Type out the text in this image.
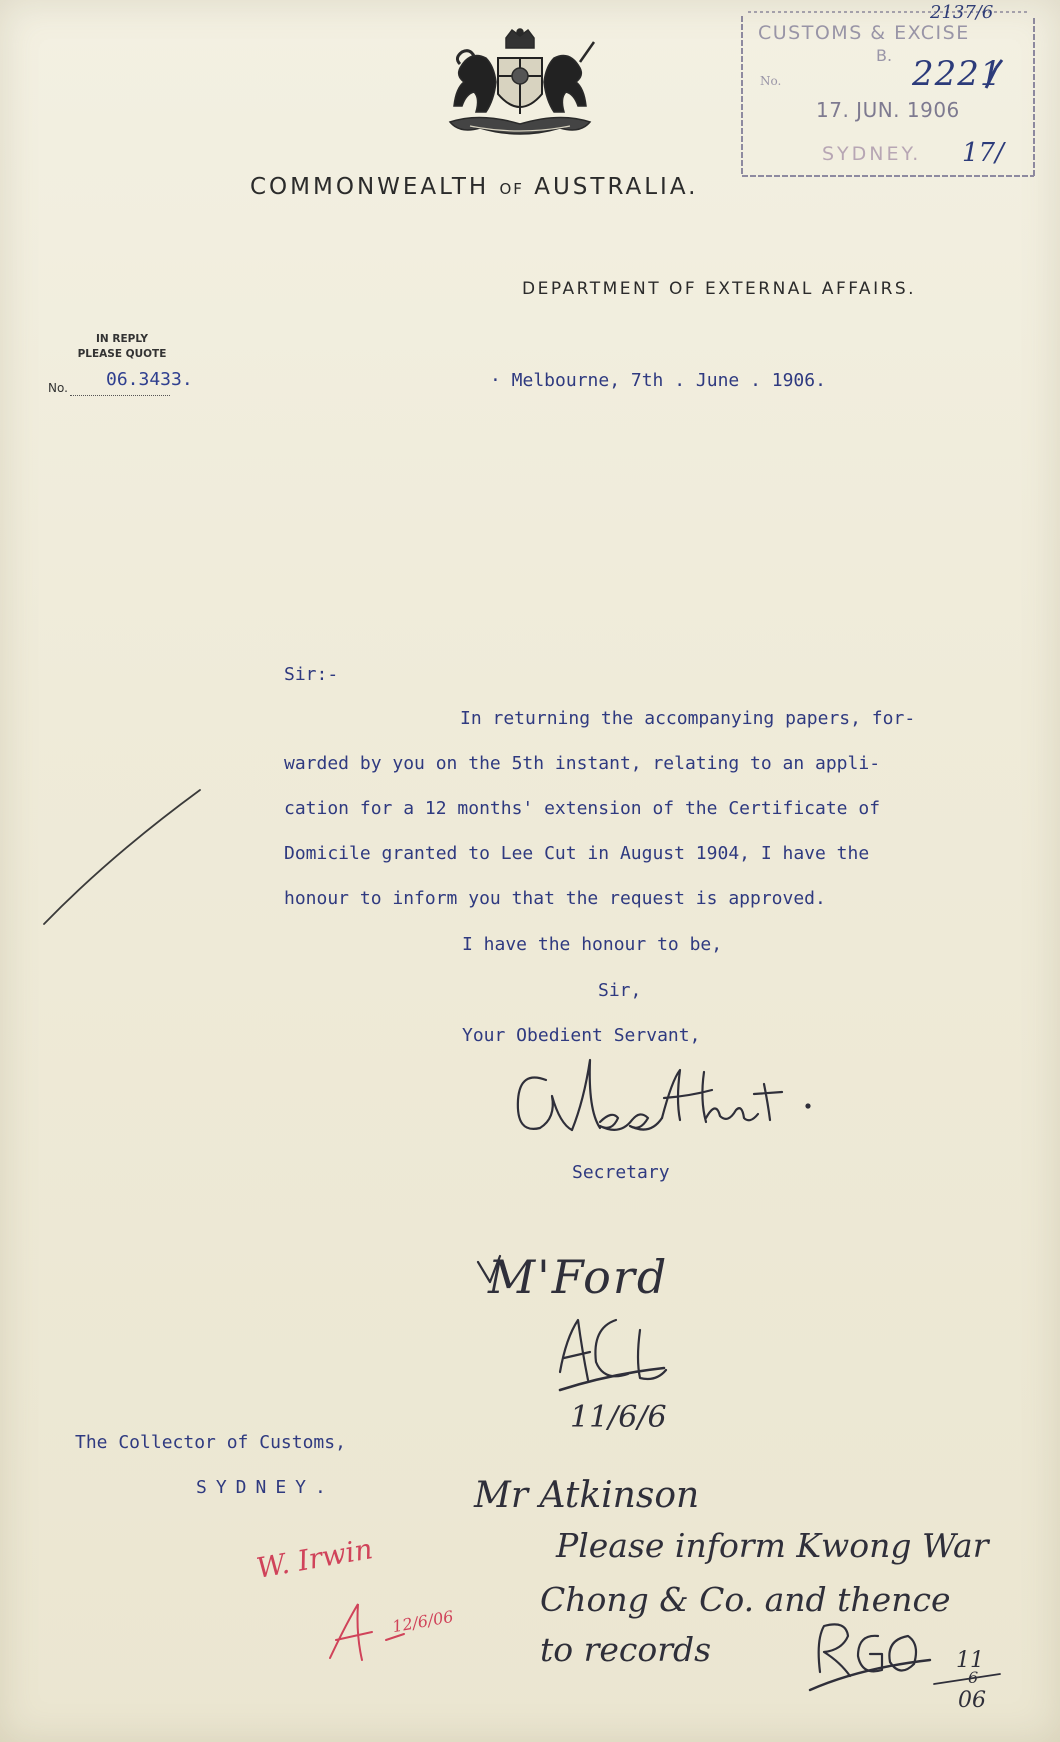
COMMONWEALTH OF AUSTRALIA.
DEPARTMENT OF EXTERNAL AFFAIRS.
IN REPLY
PLEASE QUOTE
No. 06.3433.	· Melbourne, 7th . June . 1906.
Sir:-
In returning the accompanying papers, for-
warded by you on the 5th instant, relating to an appli-
cation for a 12 months' extension of the Certificate of
Domicile granted to Lee Cut in August 1904, I have the
honour to inform you that the request is approved.
I have the honour to be,
Sir,
Your Obedient Servant,
Secretary
The Collector of Customs,
SYDNEY.
2137/6
CUSTOMS & EXCISE
B.
No.	2221
17. JUN. 1906
SYDNEY. 17/
M'Ford
11/6/6
Mr Atkinson
Please inform Kwong War
Chong & Co. and thence
to records	11
6
06
W. Irwin
12/6/06
